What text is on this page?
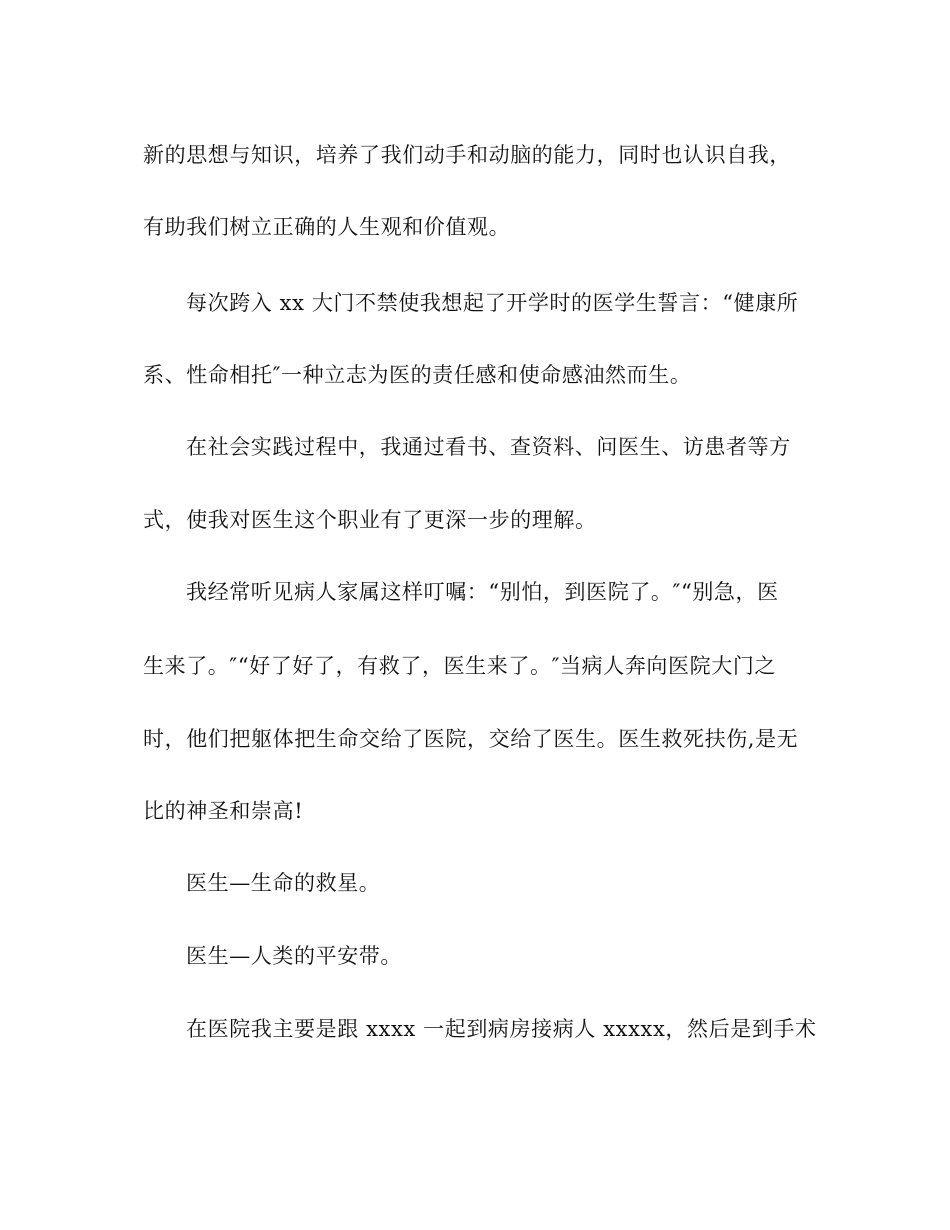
新的思想与知识，培养了我们动手和动脑的能力，同时也认识自我，
有助我们树立正确的人生观和价值观。
每次跨入 xx 大门不禁使我想起了开学时的医学生誓言：“健康所
系、性命相托″一种立志为医的责任感和使命感油然而生。
在社会实践过程中，我通过看书、查资料、问医生、访患者等方
式，使我对医生这个职业有了更深一步的理解。
我经常听见病人家属这样叮嘱：“别怕，到医院了。″“别急，医
生来了。″“好了好了，有救了，医生来了。″当病人奔向医院大门之
时，他们把躯体把生命交给了医院，交给了医生。医生救死扶伤,是无
比的神圣和崇高!
医生—生命的救星。
医生—人类的平安带。
在医院我主要是跟 xxxx 一起到病房接病人 xxxxx，然后是到手术
